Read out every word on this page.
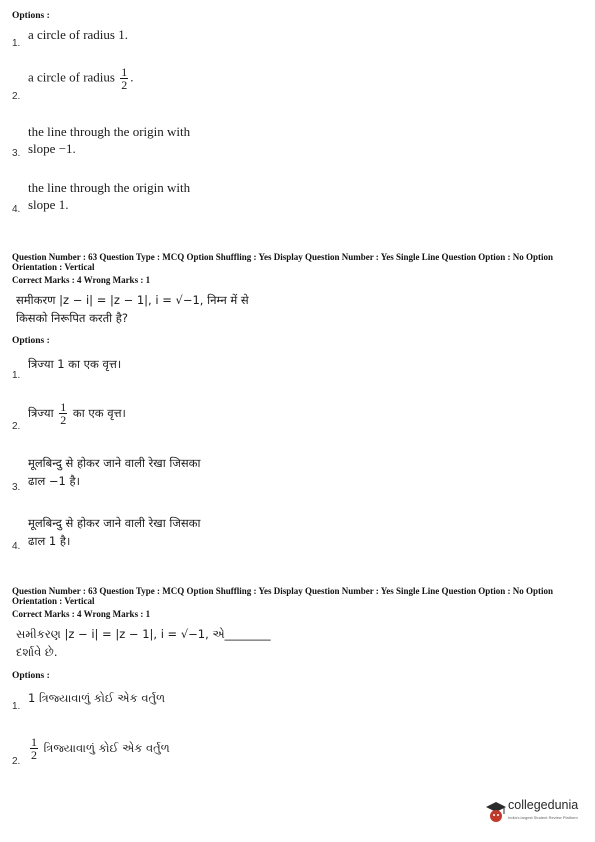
Options :
a circle of radius 1.
1.
a circle of radius $\frac{1}{2}$ .
2.
the line through the origin with
slope −1.
3.
the line through the origin with
slope 1.
4.
Question Number : 63 Question Type : MCQ Option Shuffling : Yes Display Question Number : Yes Single Line Question Option : No Option Orientation : Vertical
Correct Marks : 4 Wrong Marks : 1
समीकरण |z − i| = |z − 1|, i = √−1, निम्न में से
किसको निरूपित करती है?
Options :
त्रिज्या 1 का एक वृत्त।
1.
त्रिज्या $\frac{1}{2}$ का एक वृत्त।
2.
मूलबिन्दु से होकर जाने वाली रेखा जिसका
ढाल −1 है।
3.
मूलबिन्दु से होकर जाने वाली रेखा जिसका
ढाल 1 है।
4.
Question Number : 63 Question Type : MCQ Option Shuffling : Yes Display Question Number : Yes Single Line Question Option : No Option Orientation : Vertical
Correct Marks : 4 Wrong Marks : 1
સમીકરણ |z − i| = |z − 1|, i = √−1, એ________
દર્શાવે છે.
Options :
1 ત્રિજ્યાવાળું કોઈ એક વર્તુળ
1.
$\frac{1}{2}$ ત્રિજ્યાવાળું કોઈ એક વર્તુળ
2.
collegedunia
India's largest Student Review Platform
